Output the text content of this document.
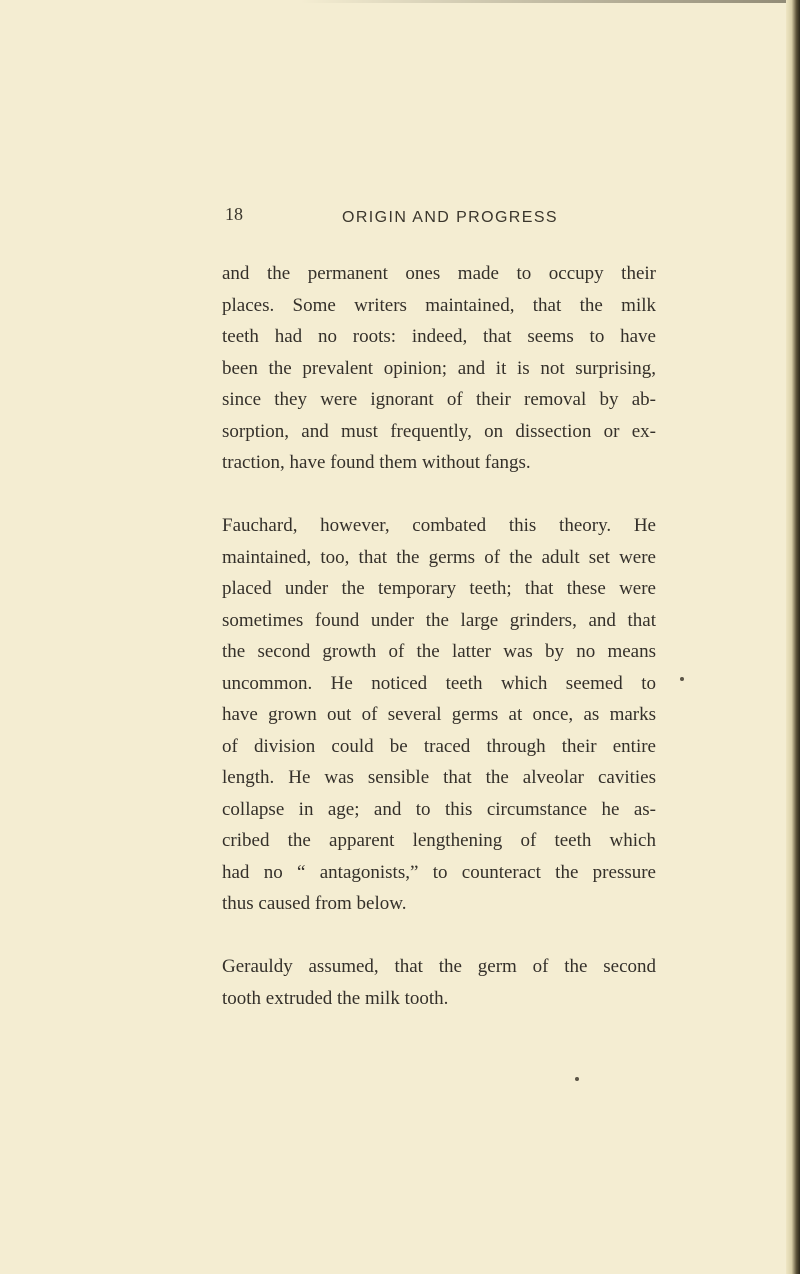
18	ORIGIN AND PROGRESS

and the permanent ones made to occupy their
places. Some writers maintained, that the milk
teeth had no roots: indeed, that seems to have
been the prevalent opinion; and it is not surprising,
since they were ignorant of their removal by ab-
sorption, and must frequently, on dissection or ex-
traction, have found them without fangs.

Fauchard, however, combated this theory. He
maintained, too, that the germs of the adult set were
placed under the temporary teeth; that these were
sometimes found under the large grinders, and that
the second growth of the latter was by no means
uncommon. He noticed teeth which seemed to
have grown out of several germs at once, as marks
of division could be traced through their entire
length. He was sensible that the alveolar cavities
collapse in age; and to this circumstance he as-
cribed the apparent lengthening of teeth which
had no “ antagonists,” to counteract the pressure
thus caused from below.

Gerauldy assumed, that the germ of the second
tooth extruded the milk tooth.
